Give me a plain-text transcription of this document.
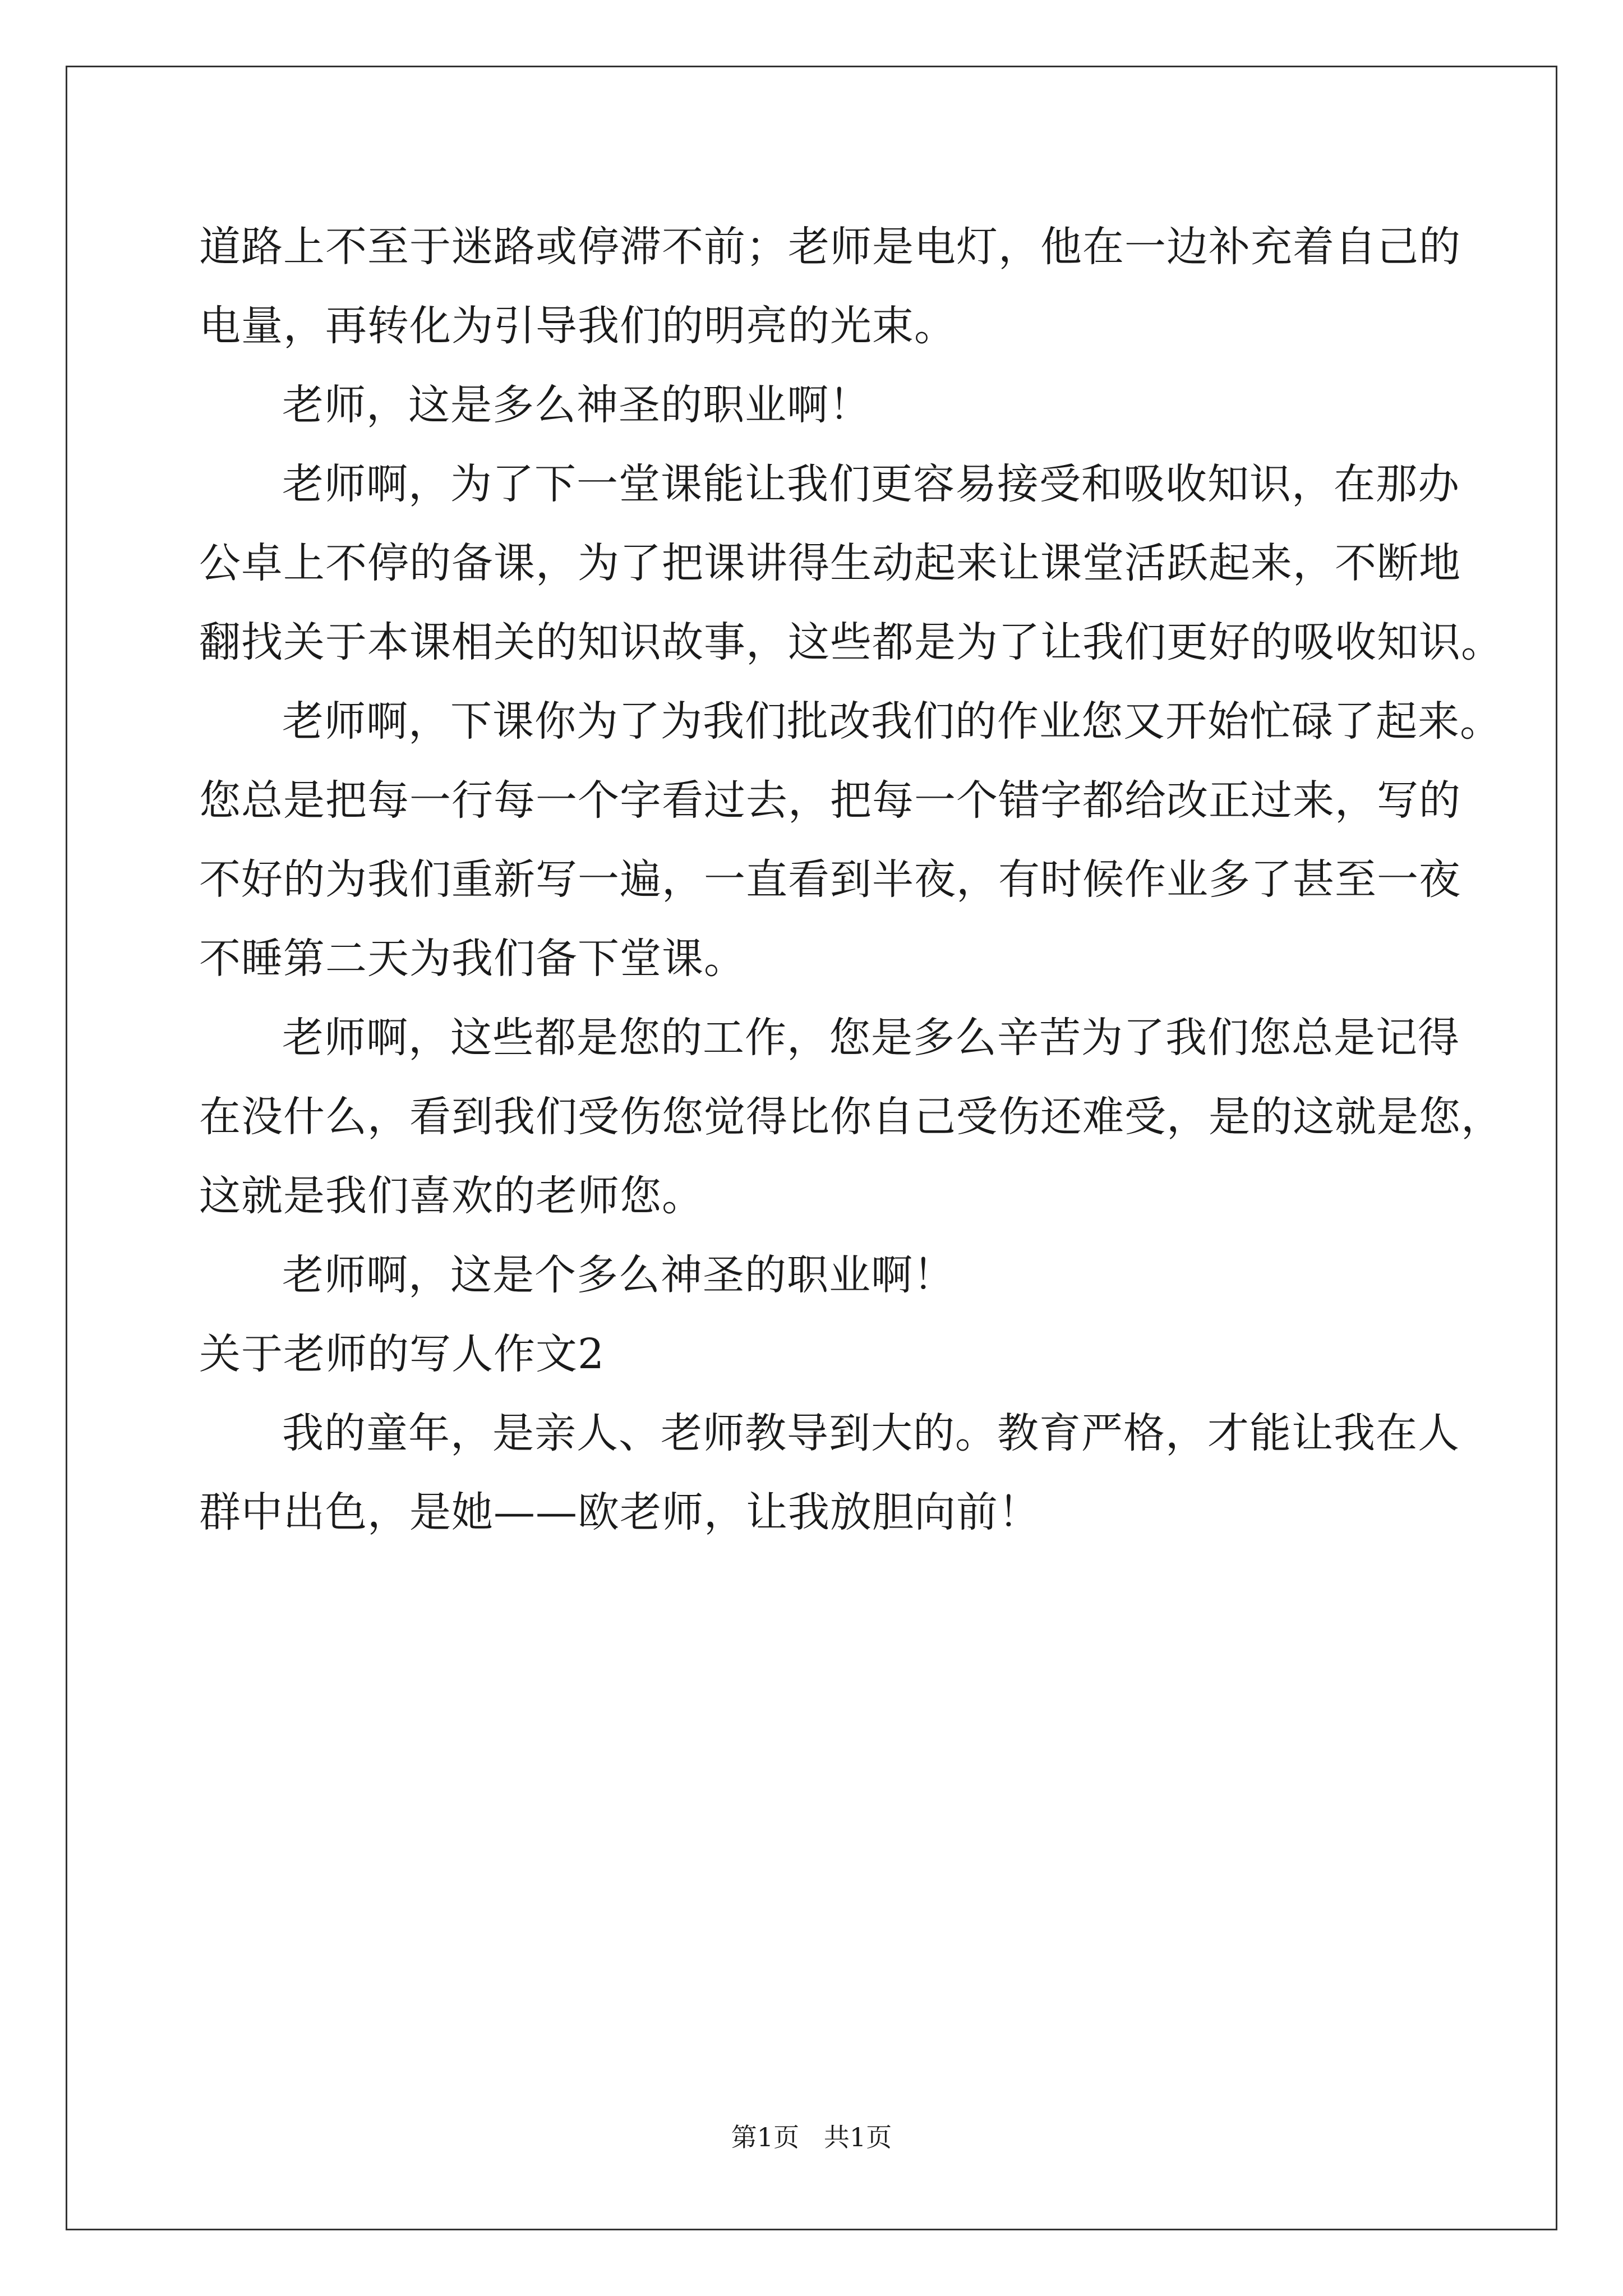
道路上不至于迷路或停滞不前；老师是电灯，他在一边补充着自己的
电量，再转化为引导我们的明亮的光束。
老师，这是多么神圣的职业啊！
老师啊，为了下一堂课能让我们更容易接受和吸收知识，在那办
公卓上不停的备课，为了把课讲得生动起来让课堂活跃起来，不断地
翻找关于本课相关的知识故事，这些都是为了让我们更好的吸收知识。
老师啊，下课你为了为我们批改我们的作业您又开始忙碌了起来。
您总是把每一行每一个字看过去，把每一个错字都给改正过来，写的
不好的为我们重新写一遍，一直看到半夜，有时候作业多了甚至一夜
不睡第二天为我们备下堂课。
老师啊，这些都是您的工作，您是多么辛苦为了我们您总是记得
在没什么，看到我们受伤您觉得比你自己受伤还难受，是的这就是您，
这就是我们喜欢的老师您。
老师啊，这是个多么神圣的职业啊！
关于老师的写人作文2
我的童年，是亲人、老师教导到大的。教育严格，才能让我在人
群中出色，是她——欧老师，让我放胆向前！
第1页   共1页
